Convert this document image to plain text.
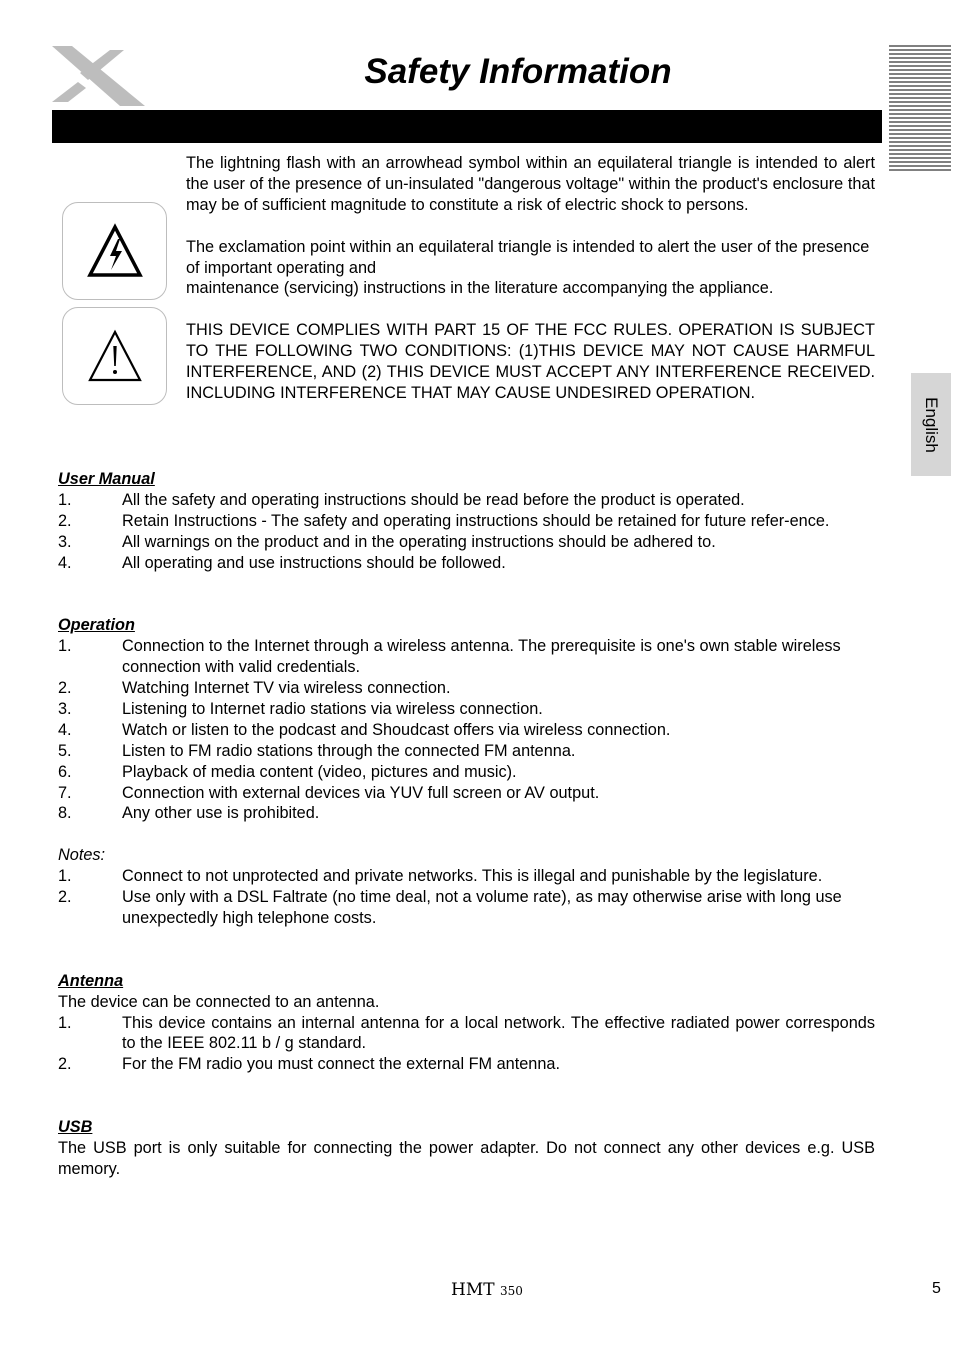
Safety Information
English

The lightning flash with an arrowhead symbol within an equilateral triangle is intended to alert the user of the presence of un-insulated "dangerous voltage" within the product's enclosure that may be of sufficient magnitude to constitute a risk of electric shock to persons.

The exclamation point within an equilateral triangle is intended to alert the user of the presence of important operating and
maintenance (servicing) instructions in the literature accompanying the appliance.

THIS DEVICE COMPLIES WITH PART 15 OF THE FCC RULES. OPERATION IS SUBJECT TO THE FOLLOWING TWO CONDITIONS: (1)THIS DEVICE MAY NOT CAUSE HARMFUL INTERFERENCE, AND (2) THIS DEVICE MUST ACCEPT ANY INTERFERENCE RECEIVED. INCLUDING INTERFERENCE THAT MAY CAUSE UNDESIRED OPERATION.

User Manual
1.	All the safety and operating instructions should be read before the product is operated.
2.	Retain Instructions - The safety and operating instructions should be retained for future refer-ence.
3.	All warnings on the product and in the operating instructions should be adhered to.
4.	All operating and use instructions should be followed.
Operation
1.	Connection to the Internet through a wireless antenna. The prerequisite is one's own stable wireless connection with valid credentials.
2.	Watching Internet TV via wireless connection.
3.	Listening to Internet radio stations via wireless connection.
4.	Watch or listen to the podcast and Shoudcast offers via wireless connection.
5.	Listen to FM radio stations through the connected FM antenna.
6.	Playback of media content (video, pictures and music).
7.	Connection with external devices via YUV full screen or AV output.
8.	Any other use is prohibited.
Notes:
1.	Connect to not unprotected and private networks. This is illegal and punishable by the legislature.
2.	Use only with a DSL Faltrate (no time deal, not a volume rate), as may otherwise arise with long use unexpectedly high telephone costs.
Antenna
The device can be connected to an antenna.
1.	This device contains an internal antenna for a local network. The effective radiated power corresponds to the IEEE 802.11 b / g standard.
2.	For the FM radio you must connect the external FM antenna.
USB
The USB port is only suitable for connecting the power adapter. Do not connect any other devices e.g. USB memory.
HMT 350	5
